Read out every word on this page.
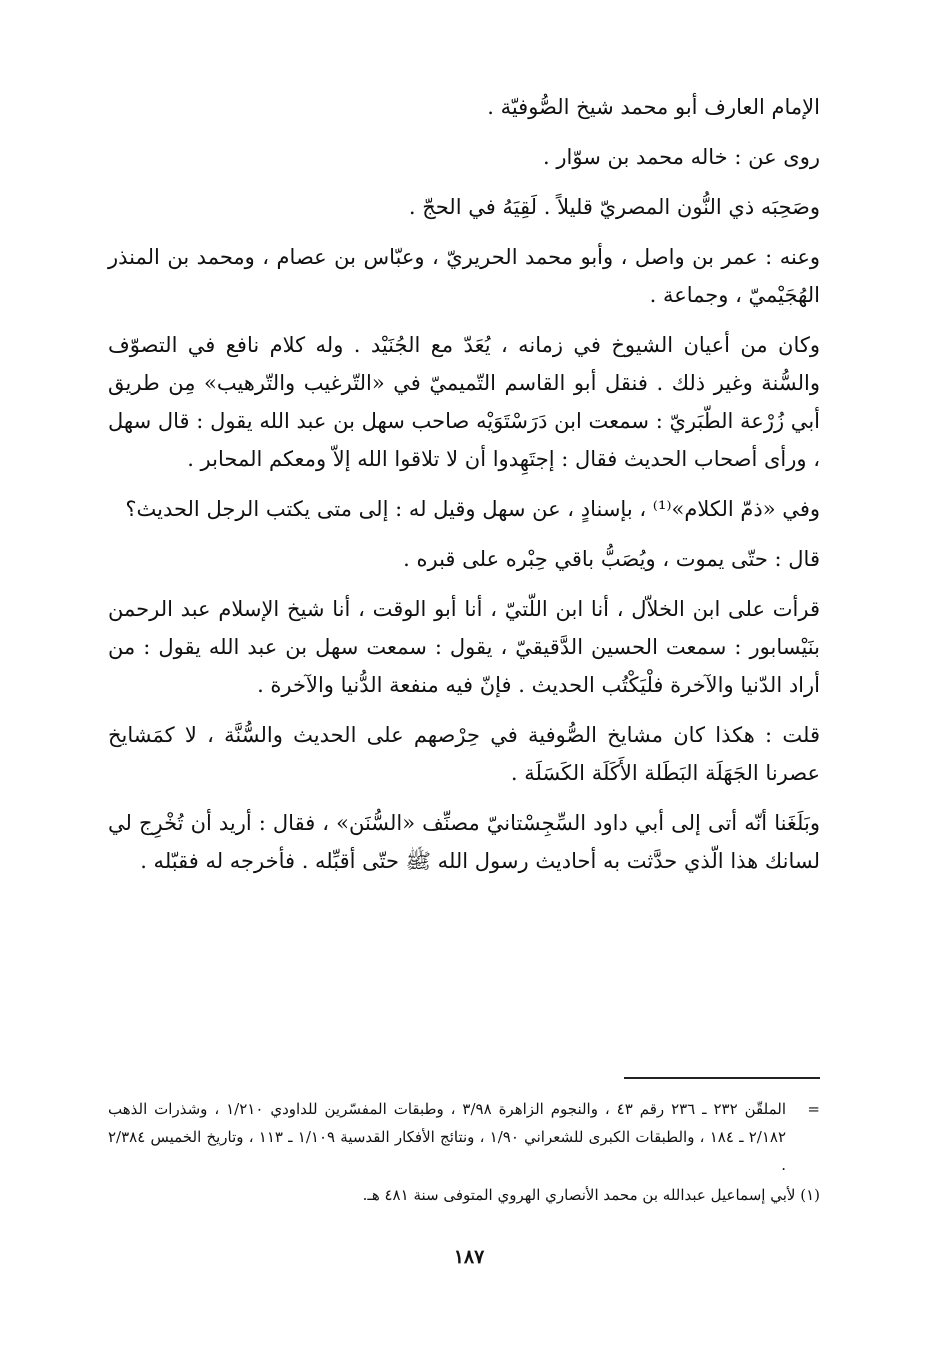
الإمام العارف أبو محمد شيخ الصُّوفيّة .

روى عن : خاله محمد بن سوّار .

وصَحِبَه ذي النُّون المصريّ قليلاً . لَقِيَهُ في الحجّ .

وعنه : عمر بن واصل ، وأبو محمد الحريريّ ، وعبّاس بن عصام ، ومحمد بن المنذر الهُجَيْميّ ، وجماعة .

وكان من أعيان الشيوخ في زمانه ، يُعَدّ مع الجُنَيْد . وله كلام نافع في التصوّف والسُّنة وغير ذلك . فنقل أبو القاسم التّميميّ في «التّرغيب والتّرهيب» مِن طريق أبي زُرْعة الطّبَريّ : سمعت ابن دَرَسْتَوَيْه صاحب سهل بن عبد الله يقول : قال سهل ، ورأى أصحاب الحديث فقال : إجتَهِدوا أن لا تلاقوا الله إلاّ ومعكم المحابر .

وفي «ذمّ الكلام»⁽¹⁾ ، بإسنادٍ ، عن سهل وقيل له : إلى متى يكتب الرجل الحديث؟

قال : حتّى يموت ، ويُصَبُّ باقي حِبْره على قبره .

قرأت على ابن الخلاّل ، أنا ابن اللّتيّ ، أنا أبو الوقت ، أنا شيخ الإسلام عبد الرحمن بنَيْسابور : سمعت الحسين الدَّقيقيّ ، يقول : سمعت سهل بن عبد الله يقول : من أراد الدّنيا والآخرة فلْيَكْتُب الحديث . فإنّ فيه منفعة الدُّنيا والآخرة .

قلت : هكذا كان مشايخ الصُّوفية في حِرْصهم على الحديث والسُّنَّة ، لا كمَشايخ عصرنا الجَهَلَة البَطَلة الأَكَلَة الكَسَلَة .

وبَلَغَنا أنّه أتى إلى أبي داود السِّجِسْتانيّ مصنِّف «السُّنَن» ، فقال : أريد أن تُخْرِج لي لسانك هذا الّذي حدَّثت به أحاديث رسول الله ﷺ حتّى أقبِّله . فأخرجه له فقبّله .

=
الملقّن ٢٣٢ ـ ٢٣٦ رقم ٤٣ ، والنجوم الزاهرة ٣/٩٨ ، وطبقات المفسّرين للداودي ١/٢١٠ ، وشذرات الذهب ٢/١٨٢ ـ ١٨٤ ، والطبقات الكبرى للشعراني ١/٩٠ ، ونتائج الأفكار القدسية ١/١٠٩ ـ ١١٣ ، وتاريخ الخميس ٢/٣٨٤ .
(١) لأبي إسماعيل عبدالله بن محمد الأنصاري الهروي المتوفى سنة ٤٨١ هـ.
١٨٧
